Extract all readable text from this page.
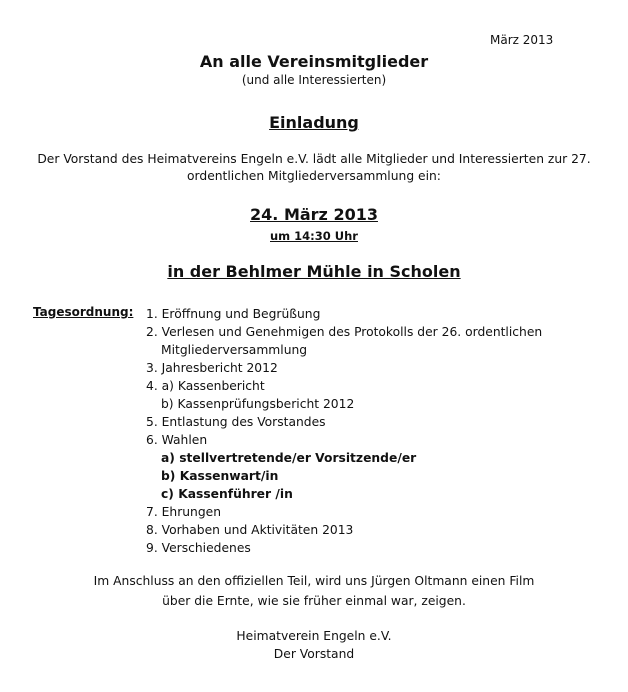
März 2013
An alle Vereinsmitglieder
(und alle Interessierten)
Einladung
Der Vorstand des Heimatvereins Engeln e.V. lädt alle Mitglieder und Interessierten zur 27.
ordentlichen Mitgliederversammlung ein:
24. März 2013
um 14:30 Uhr
in der Behlmer Mühle in Scholen
Tagesordnung: 1. Eröffnung und Begrüßung
2. Verlesen und Genehmigen des Protokolls der 26. ordentlichen
Mitgliederversammlung
3. Jahresbericht 2012
4. a) Kassenbericht
b) Kassenprüfungsbericht 2012
5. Entlastung des Vorstandes
6. Wahlen
a) stellvertretende/er Vorsitzende/er
b) Kassenwart/in
c) Kassenführer /in
7. Ehrungen
8. Vorhaben und Aktivitäten 2013
9. Verschiedenes
Im Anschluss an den offiziellen Teil, wird uns Jürgen Oltmann einen Film
über die Ernte, wie sie früher einmal war, zeigen.
Heimatverein Engeln e.V.
Der Vorstand
